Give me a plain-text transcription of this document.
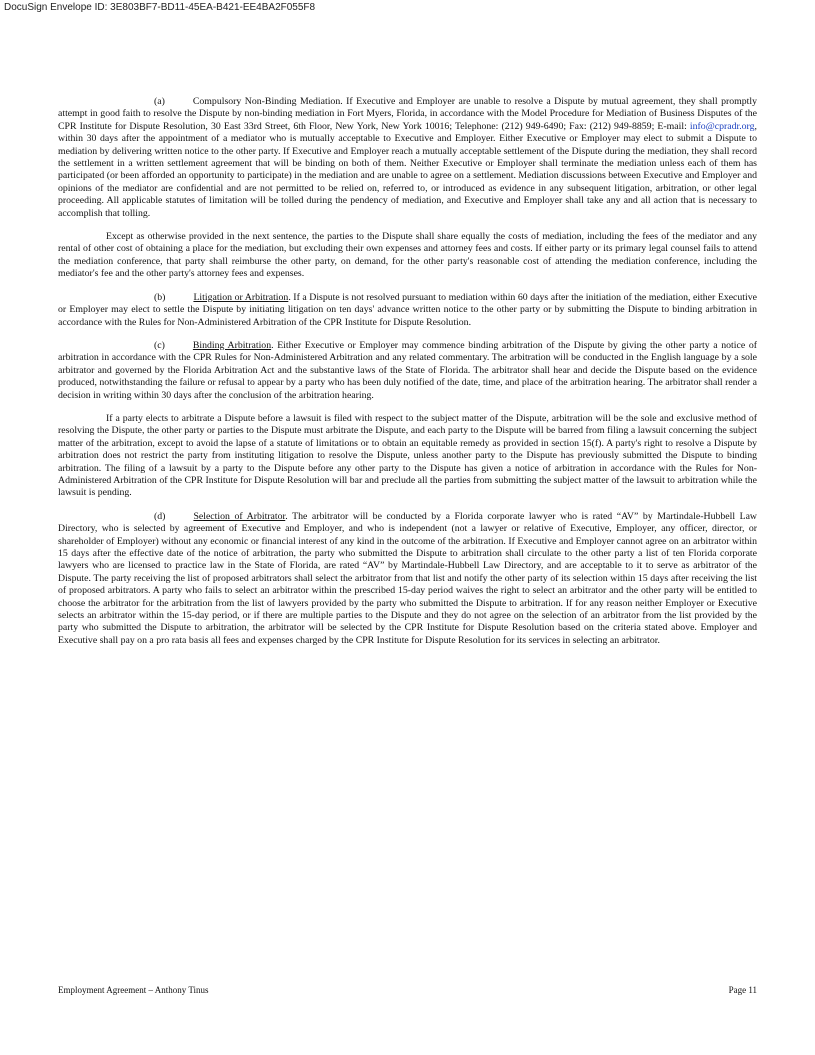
DocuSign Envelope ID: 3E803BF7-BD11-45EA-B421-EE4BA2F055F8

(a)	Compulsory Non-Binding Mediation. If Executive and Employer are unable to resolve a Dispute by mutual agreement, they shall promptly attempt in good faith to resolve the Dispute by non-binding mediation in Fort Myers, Florida, in accordance with the Model Procedure for Mediation of Business Disputes of the CPR Institute for Dispute Resolution, 30 East 33rd Street, 6th Floor, New York, New York 10016; Telephone: (212) 949-6490; Fax: (212) 949-8859; E-mail: info@cpradr.org, within 30 days after the appointment of a mediator who is mutually acceptable to Executive and Employer. Either Executive or Employer may elect to submit a Dispute to mediation by delivering written notice to the other party. If Executive and Employer reach a mutually acceptable settlement of the Dispute during the mediation, they shall record the settlement in a written settlement agreement that will be binding on both of them. Neither Executive or Employer shall terminate the mediation unless each of them has participated (or been afforded an opportunity to participate) in the mediation and are unable to agree on a settlement. Mediation discussions between Executive and Employer and opinions of the mediator are confidential and are not permitted to be relied on, referred to, or introduced as evidence in any subsequent litigation, arbitration, or other legal proceeding. All applicable statutes of limitation will be tolled during the pendency of mediation, and Executive and Employer shall take any and all action that is necessary to accomplish that tolling.

Except as otherwise provided in the next sentence, the parties to the Dispute shall share equally the costs of mediation, including the fees of the mediator and any rental of other cost of obtaining a place for the mediation, but excluding their own expenses and attorney fees and costs. If either party or its primary legal counsel fails to attend the mediation conference, that party shall reimburse the other party, on demand, for the other party's reasonable cost of attending the mediation conference, including the mediator's fee and the other party's attorney fees and expenses.

(b)	Litigation or Arbitration. If a Dispute is not resolved pursuant to mediation within 60 days after the initiation of the mediation, either Executive or Employer may elect to settle the Dispute by initiating litigation on ten days' advance written notice to the other party or by submitting the Dispute to binding arbitration in accordance with the Rules for Non-Administered Arbitration of the CPR Institute for Dispute Resolution.

(c)	Binding Arbitration. Either Executive or Employer may commence binding arbitration of the Dispute by giving the other party a notice of arbitration in accordance with the CPR Rules for Non-Administered Arbitration and any related commentary. The arbitration will be conducted in the English language by a sole arbitrator and governed by the Florida Arbitration Act and the substantive laws of the State of Florida. The arbitrator shall hear and decide the Dispute based on the evidence produced, notwithstanding the failure or refusal to appear by a party who has been duly notified of the date, time, and place of the arbitration hearing. The arbitrator shall render a decision in writing within 30 days after the conclusion of the arbitration hearing.

If a party elects to arbitrate a Dispute before a lawsuit is filed with respect to the subject matter of the Dispute, arbitration will be the sole and exclusive method of resolving the Dispute, the other party or parties to the Dispute must arbitrate the Dispute, and each party to the Dispute will be barred from filing a lawsuit concerning the subject matter of the arbitration, except to avoid the lapse of a statute of limitations or to obtain an equitable remedy as provided in section 15(f). A party's right to resolve a Dispute by arbitration does not restrict the party from instituting litigation to resolve the Dispute, unless another party to the Dispute has previously submitted the Dispute to binding arbitration. The filing of a lawsuit by a party to the Dispute before any other party to the Dispute has given a notice of arbitration in accordance with the Rules for Non-Administered Arbitration of the CPR Institute for Dispute Resolution will bar and preclude all the parties from submitting the subject matter of the lawsuit to arbitration while the lawsuit is pending.

(d)	Selection of Arbitrator. The arbitrator will be conducted by a Florida corporate lawyer who is rated “AV” by Martindale-Hubbell Law Directory, who is selected by agreement of Executive and Employer, and who is independent (not a lawyer or relative of Executive, Employer, any officer, director, or shareholder of Employer) without any economic or financial interest of any kind in the outcome of the arbitration. If Executive and Employer cannot agree on an arbitrator within 15 days after the effective date of the notice of arbitration, the party who submitted the Dispute to arbitration shall circulate to the other party a list of ten Florida corporate lawyers who are licensed to practice law in the State of Florida, are rated “AV” by Martindale-Hubbell Law Directory, and are acceptable to it to serve as arbitrator of the Dispute. The party receiving the list of proposed arbitrators shall select the arbitrator from that list and notify the other party of its selection within 15 days after receiving the list of proposed arbitrators. A party who fails to select an arbitrator within the prescribed 15-day period waives the right to select an arbitrator and the other party will be entitled to choose the arbitrator for the arbitration from the list of lawyers provided by the party who submitted the Dispute to arbitration. If for any reason neither Employer or Executive selects an arbitrator within the 15-day period, or if there are multiple parties to the Dispute and they do not agree on the selection of an arbitrator from the list provided by the party who submitted the Dispute to arbitration, the arbitrator will be selected by the CPR Institute for Dispute Resolution based on the criteria stated above. Employer and Executive shall pay on a pro rata basis all fees and expenses charged by the CPR Institute for Dispute Resolution for its services in selecting an arbitrator.

Employment Agreement – Anthony Tinus	Page 11
